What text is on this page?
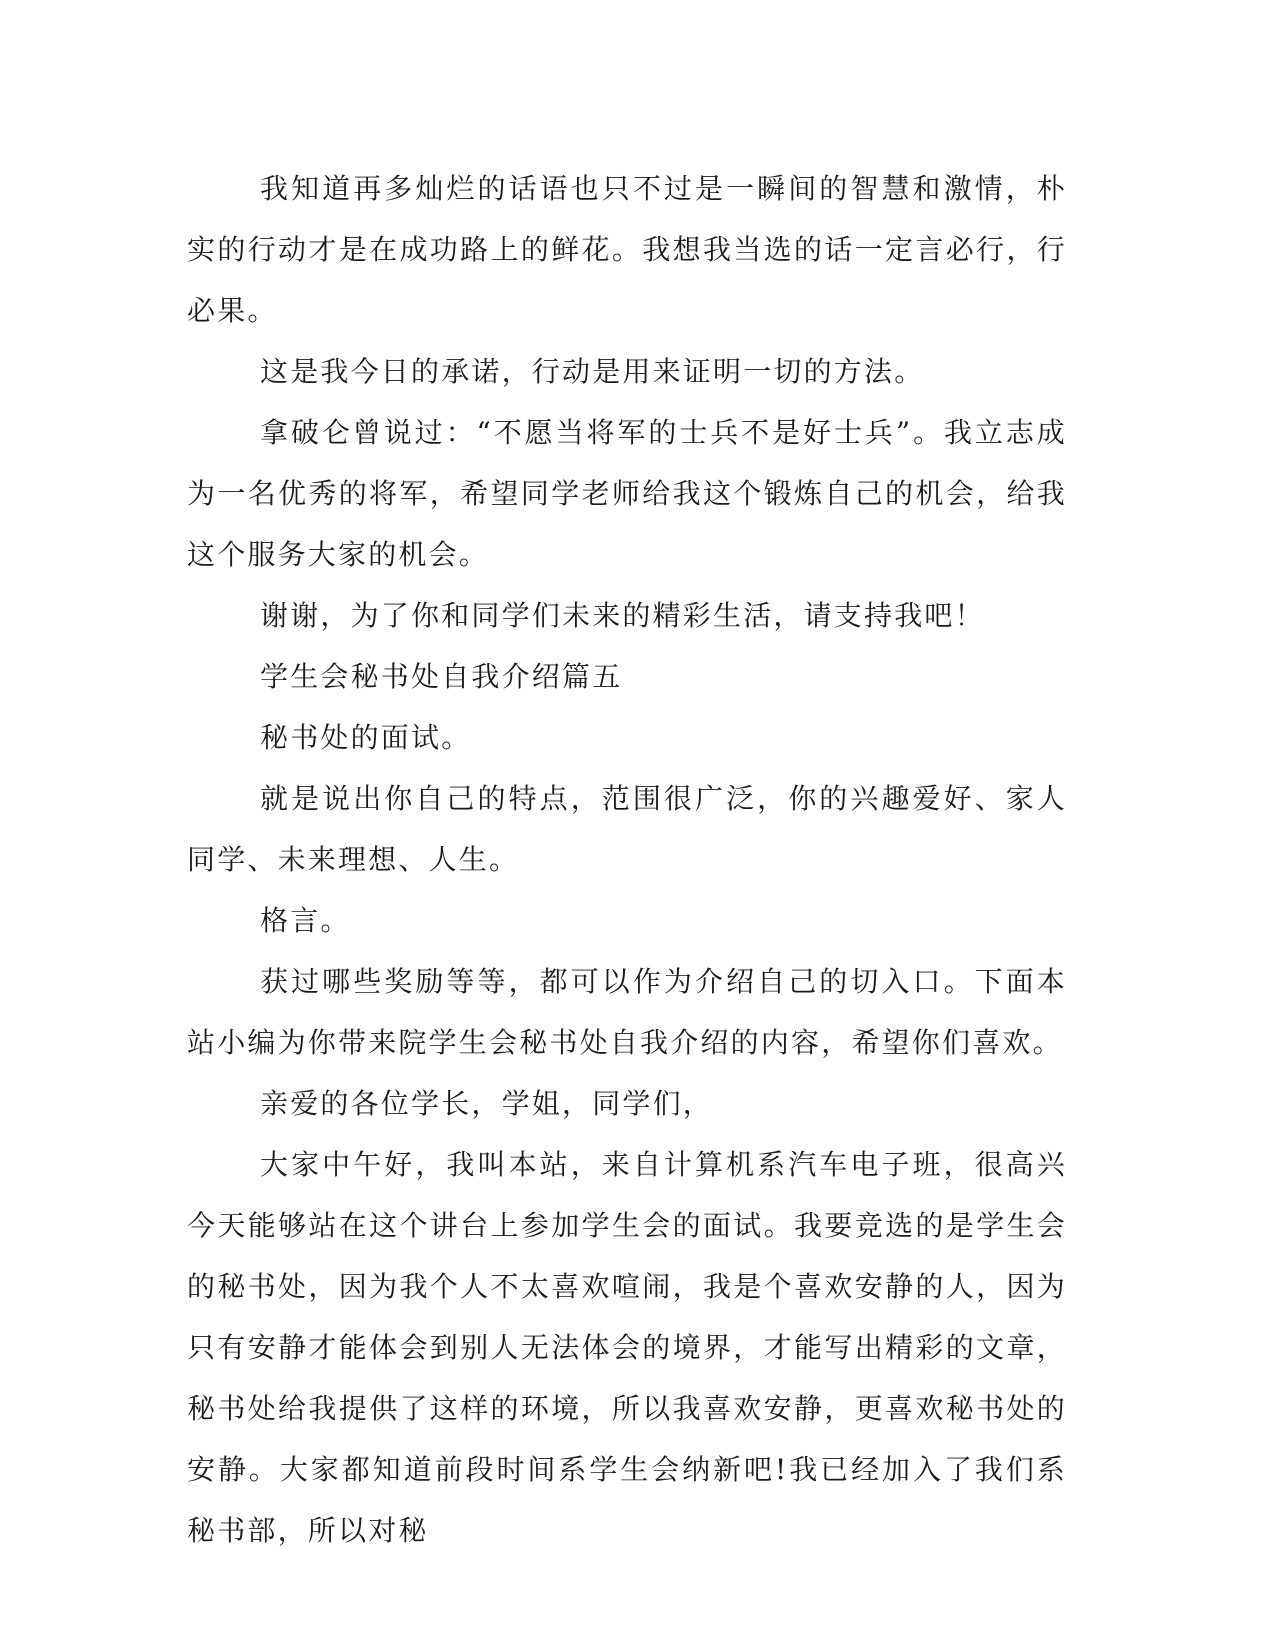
我知道再多灿烂的话语也只不过是一瞬间的智慧和激情，朴实的行动才是在成功路上的鲜花。我想我当选的话一定言必行，行必果。

这是我今日的承诺，行动是用来证明一切的方法。

拿破仑曾说过：“不愿当将军的士兵不是好士兵”。我立志成为一名优秀的将军，希望同学老师给我这个锻炼自己的机会，给我这个服务大家的机会。

谢谢，为了你和同学们未来的精彩生活，请支持我吧！

学生会秘书处自我介绍篇五

秘书处的面试。

就是说出你自己的特点，范围很广泛，你的兴趣爱好、家人同学、未来理想、人生。

格言。

获过哪些奖励等等，都可以作为介绍自己的切入口。下面本站小编为你带来院学生会秘书处自我介绍的内容，希望你们喜欢。

亲爱的各位学长，学姐，同学们，

大家中午好，我叫本站，来自计算机系汽车电子班，很高兴今天能够站在这个讲台上参加学生会的面试。我要竞选的是学生会的秘书处，因为我个人不太喜欢喧闹，我是个喜欢安静的人，因为只有安静才能体会到别人无法体会的境界，才能写出精彩的文章，秘书处给我提供了这样的环境，所以我喜欢安静，更喜欢秘书处的安静。大家都知道前段时间系学生会纳新吧!我已经加入了我们系秘书部，所以对秘
